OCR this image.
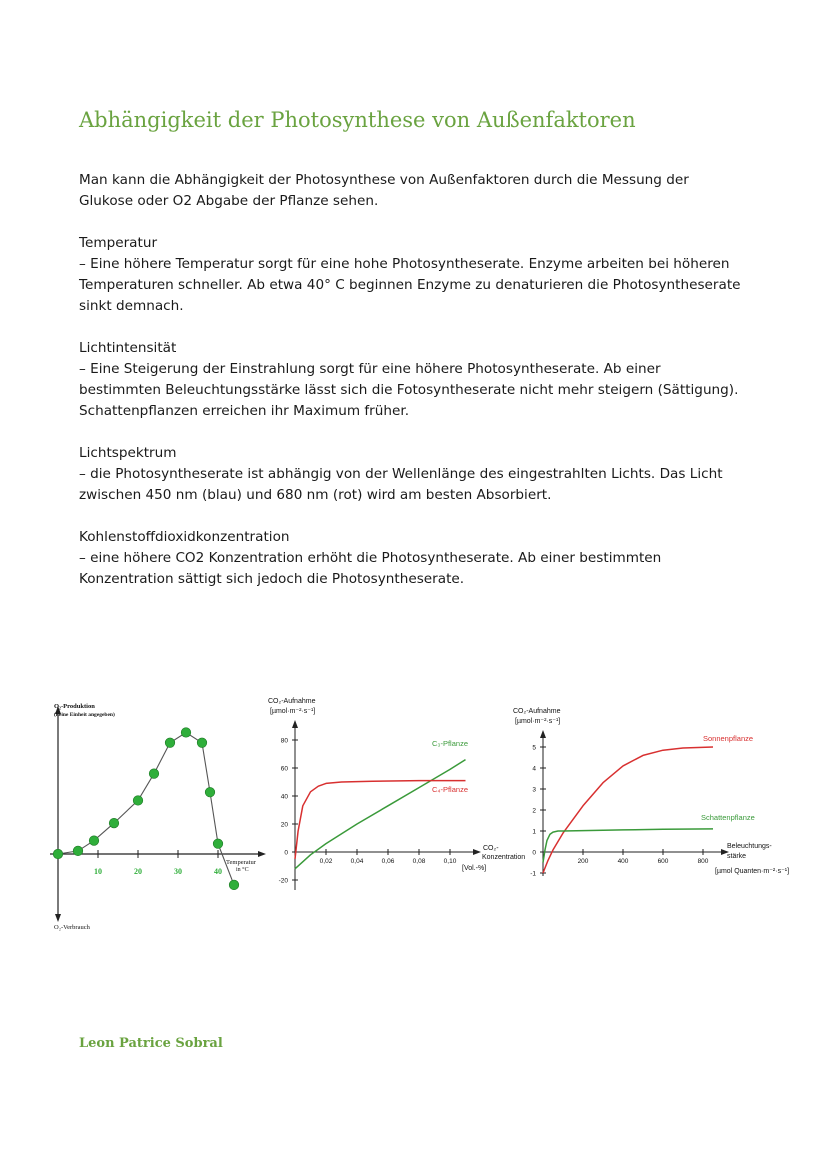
Abhängigkeit der Photosynthese von Außenfaktoren

Man kann die Abhängigkeit der Photosynthese von Außenfaktoren durch die Messung der
Glukose oder O2 Abgabe der Pflanze sehen.

Temperatur
– Eine höhere Temperatur sorgt für eine hohe Photosyntheserate. Enzyme arbeiten bei höheren
Temperaturen schneller. Ab etwa 40° C beginnen Enzyme zu denaturieren die Photosyntheserate
sinkt demnach.

Lichtintensität
– Eine Steigerung der Einstrahlung sorgt für eine höhere Photosyntheserate. Ab einer
bestimmten Beleuchtungsstärke lässt sich die Fotosyntheserate nicht mehr steigern (Sättigung).
Schattenpflanzen erreichen ihr Maximum früher.

Lichtspektrum
– die Photosyntheserate ist abhängig von der Wellenlänge des eingestrahlten Lichts. Das Licht
zwischen 450 nm (blau) und 680 nm (rot) wird am besten Absorbiert.

Kohlenstoffdioxidkonzentration
– eine höhere CO2 Konzentration erhöht die Photosyntheserate. Ab einer bestimmten
Konzentration sättigt sich jedoch die Photosyntheserate.

O₂-Produktion
(keine Einheit angegeben)
O₂-Verbrauch
Temperatur
in °C
10	20	30	40
CO₂-Aufnahme
[µmol·m⁻²·s⁻¹]
CO₂-
Konzentration
[Vol.-%]
0,02	0,04	0,06	0,08	0,10
80
60
40
20
0
-20
C₃-Pflanze
C₄-Pflanze
CO₂-Aufnahme
[µmol·m⁻²·s⁻¹]
Beleuchtungs-
stärke
[µmol Quanten·m⁻²·s⁻¹]
200	400	600	800
5
4
3
2
1
0
-1
Sonnenpflanze
Schattenpflanze
Leon Patrice Sobral
